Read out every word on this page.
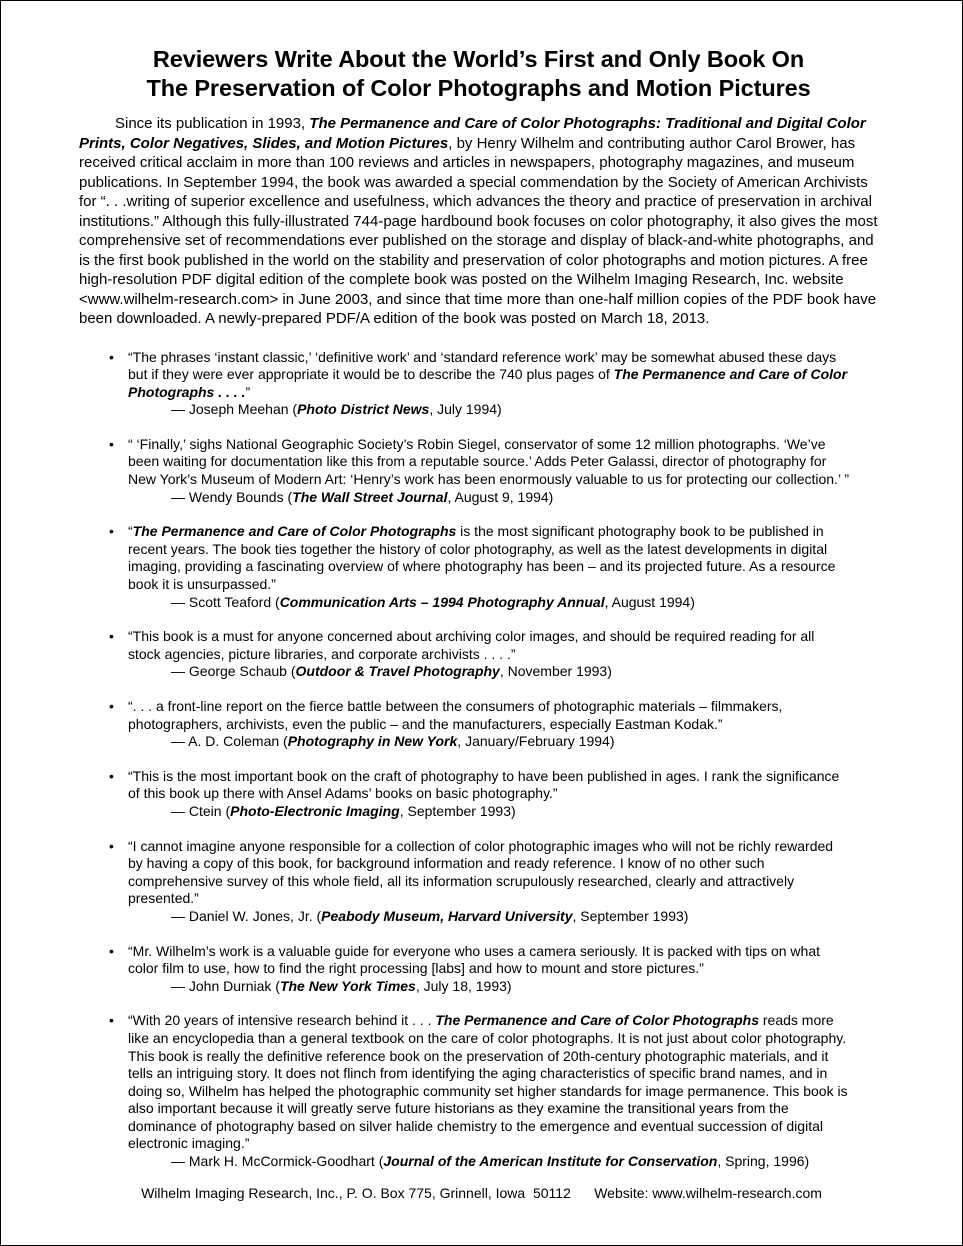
Reviewers Write About the World’s First and Only Book On
The Preservation of Color Photographs and Motion Pictures

Since its publication in 1993, The Permanence and Care of Color Photographs: Traditional and Digital Color Prints, Color Negatives, Slides, and Motion Pictures, by Henry Wilhelm and contributing author Carol Brower, has received critical acclaim in more than 100 reviews and articles in newspapers, photography magazines, and museum publications. In September 1994, the book was awarded a special commendation by the Society of American Archivists for “. . .writing of superior excellence and usefulness, which advances the theory and practice of preservation in archival institutions.” Although this fully-illustrated 744-page hardbound book focuses on color photography, it also gives the most comprehensive set of recommendations ever published on the storage and display of black-and-white photographs, and is the first book published in the world on the stability and preservation of color photographs and motion pictures. A free high-resolution PDF digital edition of the complete book was posted on the Wilhelm Imaging Research, Inc. website <www.wilhelm-research.com> in June 2003, and since that time more than one-half million copies of the PDF book have been downloaded. A newly-prepared PDF/A edition of the book was posted on March 18, 2013.

• “The phrases ‘instant classic,’ ‘definitive work’ and ‘standard reference work’ may be somewhat abused these days but if they were ever appropriate it would be to describe the 740 plus pages of The Permanence and Care of Color Photographs . . . .”
— Joseph Meehan (Photo District News, July 1994)
• “ ‘Finally,’ sighs National Geographic Society’s Robin Siegel, conservator of some 12 million photographs. ‘We’ve been waiting for documentation like this from a reputable source.’ Adds Peter Galassi, director of photography for New York’s Museum of Modern Art: ‘Henry’s work has been enormously valuable to us for protecting our collection.’ ”
— Wendy Bounds (The Wall Street Journal, August 9, 1994)
• “The Permanence and Care of Color Photographs is the most significant photography book to be published in recent years. The book ties together the history of color photography, as well as the latest developments in digital imaging, providing a fascinating overview of where photography has been – and its projected future. As a resource book it is unsurpassed.”
— Scott Teaford (Communication Arts – 1994 Photography Annual, August 1994)
• “This book is a must for anyone concerned about archiving color images, and should be required reading for all stock agencies, picture libraries, and corporate archivists . . . .”
— George Schaub (Outdoor & Travel Photography, November 1993)
• “. . . a front-line report on the fierce battle between the consumers of photographic materials – filmmakers, photographers, archivists, even the public – and the manufacturers, especially Eastman Kodak.”
— A. D. Coleman (Photography in New York, January/February 1994)
• “This is the most important book on the craft of photography to have been published in ages. I rank the significance of this book up there with Ansel Adams’ books on basic photography.”
— Ctein (Photo-Electronic Imaging, September 1993)
• “I cannot imagine anyone responsible for a collection of color photographic images who will not be richly rewarded by having a copy of this book, for background information and ready reference. I know of no other such comprehensive survey of this whole field, all its information scrupulously researched, clearly and attractively presented.”
— Daniel W. Jones, Jr. (Peabody Museum, Harvard University, September 1993)
• “Mr. Wilhelm’s work is a valuable guide for everyone who uses a camera seriously. It is packed with tips on what color film to use, how to find the right processing [labs] and how to mount and store pictures.”
— John Durniak (The New York Times, July 18, 1993)
• “With 20 years of intensive research behind it . . . The Permanence and Care of Color Photographs reads more like an encyclopedia than a general textbook on the care of color photographs. It is not just about color photography. This book is really the definitive reference book on the preservation of 20th-century photographic materials, and it tells an intriguing story. It does not flinch from identifying the aging characteristics of specific brand names, and in doing so, Wilhelm has helped the photographic community set higher standards for image permanence. This book is also important because it will greatly serve future historians as they examine the transitional years from the dominance of photography based on silver halide chemistry to the emergence and eventual succession of digital electronic imaging.”
— Mark H. McCormick-Goodhart (Journal of the American Institute for Conservation, Spring, 1996)
Wilhelm Imaging Research, Inc., P. O. Box 775, Grinnell, Iowa  50112 Website: www.wilhelm-research.com
